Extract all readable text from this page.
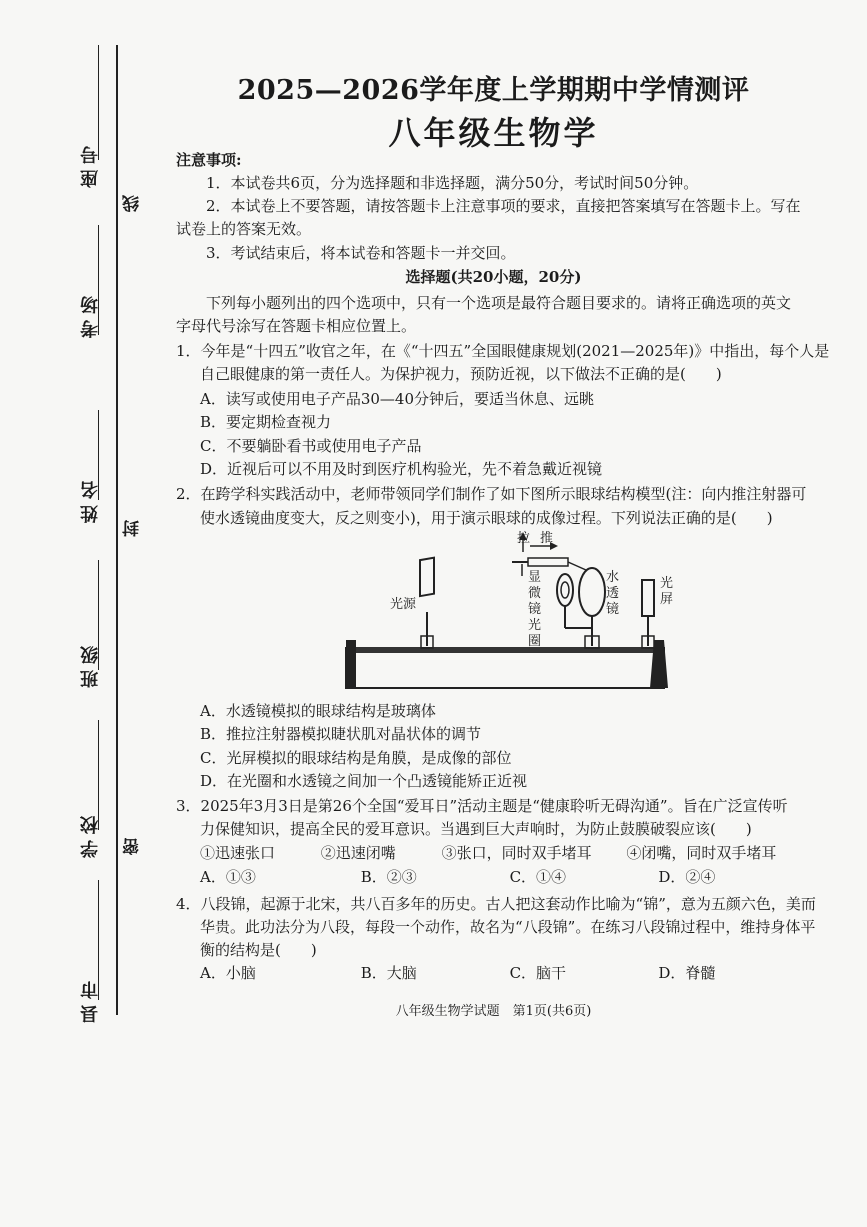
座号
考场
姓名
班级
学校
县市
线
封
密
2025—2026学年度上学期期中学情测评
八年级生物学
注意事项:
1．本试卷共6页，分为选择题和非选择题，满分50分，考试时间50分钟。
2．本试卷上不要答题，请按答题卡上注意事项的要求，直接把答案填写在答题卡上。写在
试卷上的答案无效。
3．考试结束后，将本试卷和答题卡一并交回。
选择题(共20小题，20分)
下列每小题列出的四个选项中，只有一个选项是最符合题目要求的。请将正确选项的英文
字母代号涂写在答题卡相应位置上。
1．今年是“十四五”收官之年，在《“十四五”全国眼健康规划(2021—2025年)》中指出，每个人是
自己眼健康的第一责任人。为保护视力，预防近视，以下做法不正确的是(　　)
A．读写或使用电子产品30—40分钟后，要适当休息、远眺
B．要定期检查视力
C．不要躺卧看书或使用电子产品
D．近视后可以不用及时到医疗机构验光，先不着急戴近视镜
2．在跨学科实践活动中，老师带领同学们制作了如下图所示眼球结构模型(注：向内推注射器可
使水透镜曲度变大，反之则变小)，用于演示眼球的成像过程。下列说法正确的是(　　)
拉 推
光源
显微镜光圈
水透镜
光屏
A．水透镜模拟的眼球结构是玻璃体
B．推拉注射器模拟睫状肌对晶状体的调节
C．光屏模拟的眼球结构是角膜，是成像的部位
D．在光圈和水透镜之间加一个凸透镜能矫正近视
3．2025年3月3日是第26个全国“爱耳日”活动主题是“健康聆听无碍沟通”。旨在广泛宣传听
力保健知识，提高全民的爱耳意识。当遇到巨大声响时，为防止鼓膜破裂应该(　　)
①迅速张口	②迅速闭嘴	③张口，同时双手堵耳 ④闭嘴，同时双手堵耳
A．①③	B．②③	C．①④	D．②④
4．八段锦，起源于北宋，共八百多年的历史。古人把这套动作比喻为“锦”，意为五颜六色，美而
华贵。此功法分为八段，每段一个动作，故名为“八段锦”。在练习八段锦过程中，维持身体平
衡的结构是(　　)
A．小脑	B．大脑	C．脑干	D．脊髓
八年级生物学试题　第1页(共6页)
